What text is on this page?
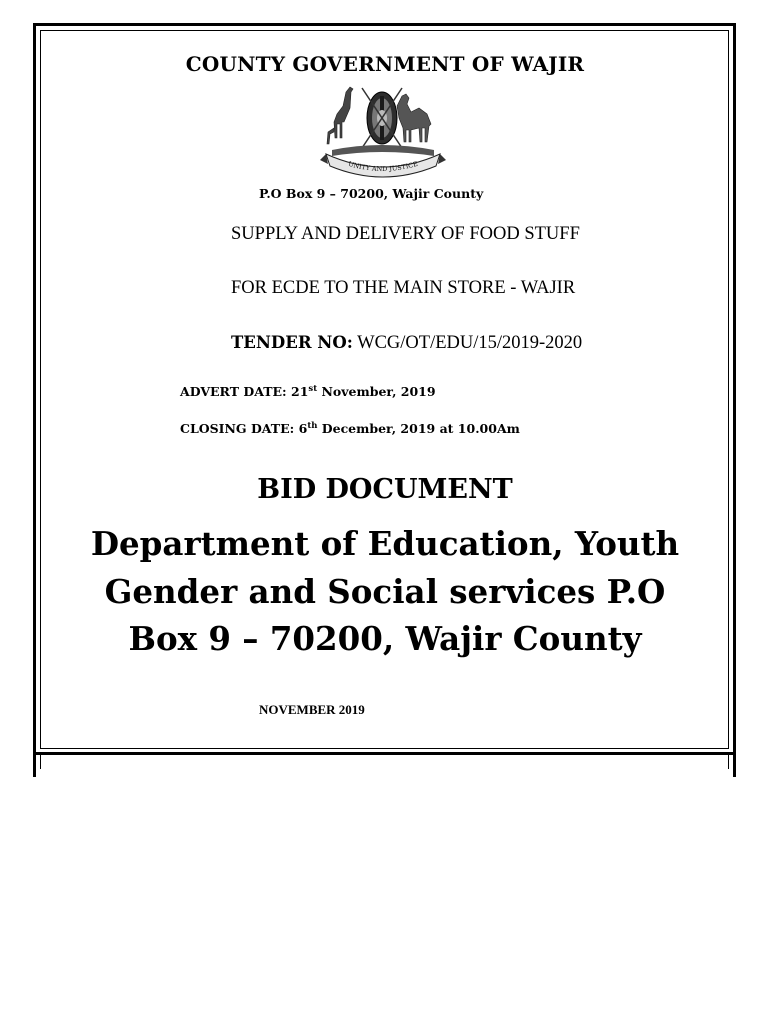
COUNTY GOVERNMENT OF WAJIR
UNITY AND JUSTICE
P.O Box 9 – 70200, Wajir County
SUPPLY AND DELIVERY OF FOOD STUFF
FOR ECDE TO THE MAIN STORE - WAJIR
TENDER NO: WCG/OT/EDU/15/2019-2020
ADVERT DATE: 21st November, 2019
CLOSING DATE: 6th December, 2019 at 10.00Am
BID DOCUMENT
Department of Education, Youth
Gender and Social services P.O
Box 9 – 70200, Wajir County
NOVEMBER 2019
